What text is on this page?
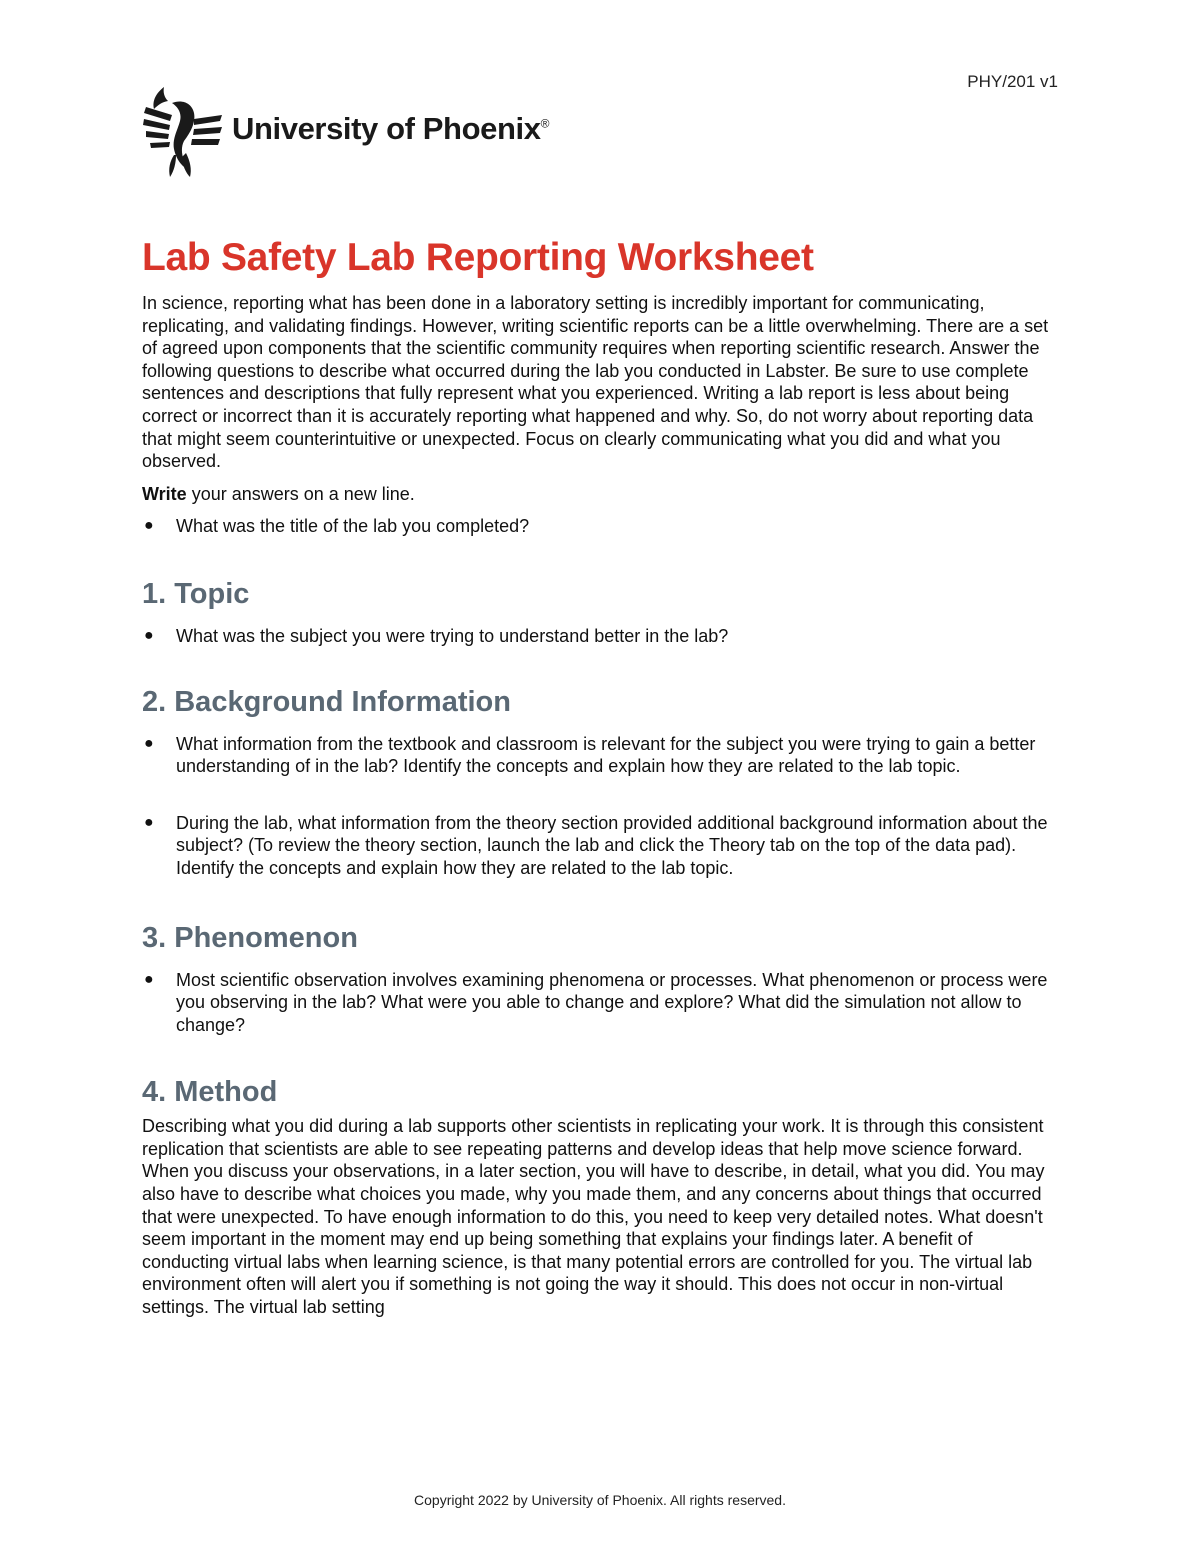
PHY/201 v1
University of Phoenix®
Lab Safety Lab Reporting Worksheet

In science, reporting what has been done in a laboratory setting is incredibly important for communicating, replicating, and validating findings. However, writing scientific reports can be a little overwhelming. There are a set of agreed upon components that the scientific community requires when reporting scientific research. Answer the following questions to describe what occurred during the lab you conducted in Labster. Be sure to use complete sentences and descriptions that fully represent what you experienced. Writing a lab report is less about being correct or incorrect than it is accurately reporting what happened and why. So, do not worry about reporting data that might seem counterintuitive or unexpected. Focus on clearly communicating what you did and what you observed.

Write your answers on a new line.

● What was the title of the lab you completed?
1. Topic
● What was the subject you were trying to understand better in the lab?
2. Background Information
● What information from the textbook and classroom is relevant for the subject you were trying to gain a better understanding of in the lab? Identify the concepts and explain how they are related to the lab topic.
● During the lab, what information from the theory section provided additional background information about the subject? (To review the theory section, launch the lab and click the Theory tab on the top of the data pad). Identify the concepts and explain how they are related to the lab topic.
3. Phenomenon
● Most scientific observation involves examining phenomena or processes. What phenomenon or process were you observing in the lab? What were you able to change and explore? What did the simulation not allow to change?
4. Method

Describing what you did during a lab supports other scientists in replicating your work. It is through this consistent replication that scientists are able to see repeating patterns and develop ideas that help move science forward. When you discuss your observations, in a later section, you will have to describe, in detail, what you did. You may also have to describe what choices you made, why you made them, and any concerns about things that occurred that were unexpected. To have enough information to do this, you need to keep very detailed notes. What doesn't seem important in the moment may end up being something that explains your findings later. A benefit of conducting virtual labs when learning science, is that many potential errors are controlled for you. The virtual lab environment often will alert you if something is not going the way it should. This does not occur in non-virtual settings. The virtual lab setting

Copyright 2022 by University of Phoenix. All rights reserved.
